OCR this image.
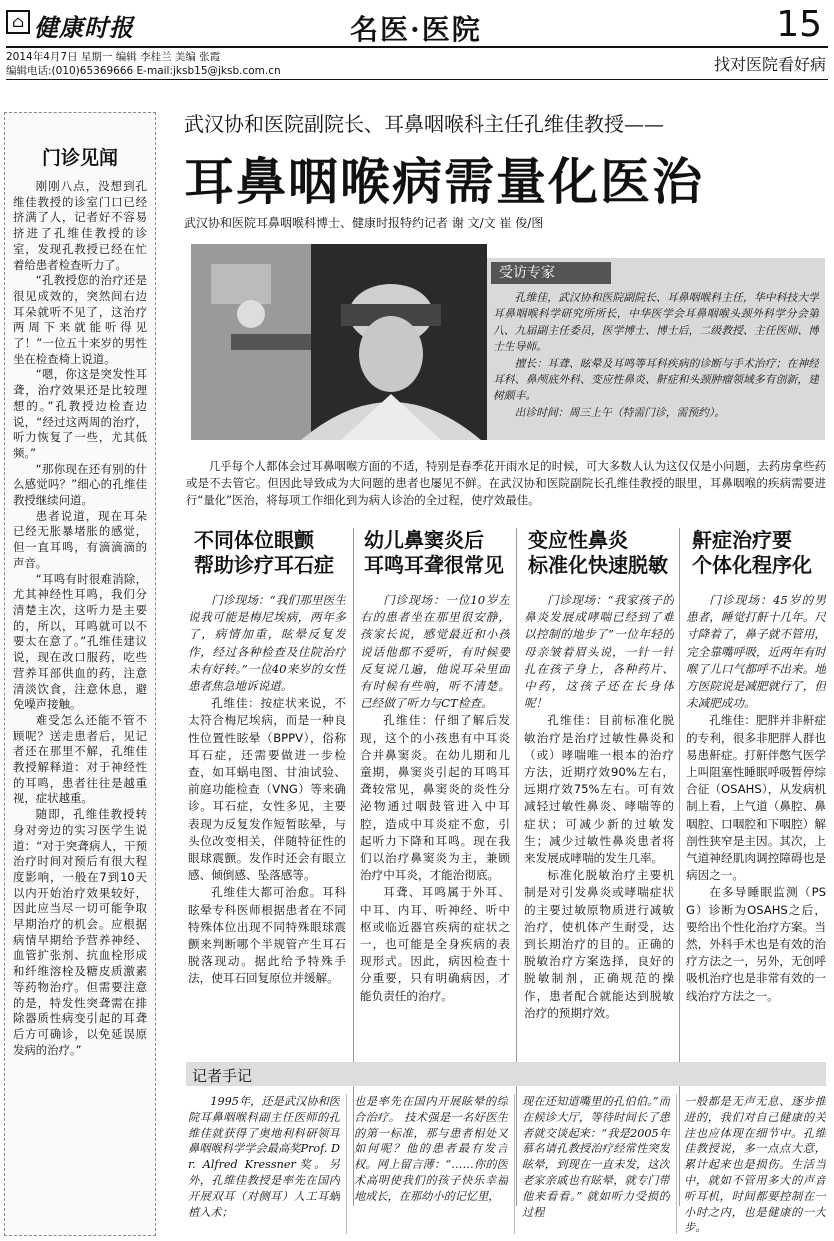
⌂ 健康时报	名医·医院	15
2014年4月7日 星期一 编辑 李桂兰 美编 张霞
编辑电话:(010)65369666 E-mail:jksb15@jksb.com.cn	找对医院看好病
门诊见闻

刚刚八点，没想到孔维佳教授的诊室门口已经挤满了人，记者好不容易挤进了孔维佳教授的诊室，发现孔教授已经在忙着给患者检查听力了。

“孔教授您的治疗还是很见成效的，突然间右边耳朵就听不见了，这治疗两周下来就能听得见了！”一位五十来岁的男性坐在检查椅上说道。

“嗯，你这是突发性耳聋，治疗效果还是比较理想的。”孔教授边检查边说，“经过这两周的治疗，听力恢复了一些，尤其低频。”

“那你现在还有别的什么感觉吗？”细心的孔维佳教授继续问道。

患者说道，现在耳朵已经无胀暴堵胀的感觉，但一直耳鸣，有滴滴滴的声音。

“耳鸣有时很难消除，尤其神经性耳鸣，我们分清楚主次，这听力是主要的，所以，耳鸣就可以不要太在意了。”孔维佳建议说，现在改口服药，吃些营养耳部供血的药，注意清淡饮食，注意休息，避免噪声接触。

难受怎么还能不管不顾呢？送走患者后，见记者还在那里不解，孔维佳教授解释道：对于神经性的耳鸣，患者往往是越重视，症状越重。

随即，孔维佳教授转身对旁边的实习医学生说道：“对于突聋病人，干预治疗时间对预后有很大程度影响，一般在7到10天以内开始治疗效果较好，因此应当尽一切可能争取早期治疗的机会。应根据病情早期给予营养神经、血管扩张剂、抗血栓形成和纤维溶栓及糖皮质激素等药物治疗。但需要注意的是，特发性突聋需在排除器质性病变引起的耳聋后方可确诊，以免延误原发病的治疗。”

武汉协和医院副院长、耳鼻咽喉科主任孔维佳教授——
耳鼻咽喉病需量化医治
武汉协和医院耳鼻咽喉科博士、健康时报特约记者 谢 文/文 崔 俊/图
受访专家

孔维佳，武汉协和医院副院长、耳鼻咽喉科主任，华中科技大学耳鼻咽喉科学研究所所长，中华医学会耳鼻咽喉头颈外科学分会第八、九届副主任委员，医学博士、博士后，二级教授、主任医师、博士生导师。

擅长：耳聋、眩晕及耳鸣等耳科疾病的诊断与手术治疗；在神经耳科、鼻颅底外科、变应性鼻炎、鼾症和头颈肿瘤领域多有创新，建树颇丰。

出诊时间：周三上午（特需门诊，需预约）。

几乎每个人都体会过耳鼻咽喉方面的不适，特别是春季花开雨水足的时候，可大多数人认为这仅仅是小问题，去药房拿些药或是不去管它。但因此导致成为大问题的患者也屡见不鲜。在武汉协和医院副院长孔维佳教授的眼里，耳鼻咽喉的疾病需要进行“量化”医治，将每项工作细化到为病人诊治的全过程，使疗效最佳。

不同体位眼颤
帮助诊疗耳石症

门诊现场：“我们那里医生说我可能是梅尼埃病，两年多了，病情加重，眩晕反复发作，经过各种检查及住院治疗未有好转。”一位40来岁的女性患者焦急地诉说道。

孔维佳：按症状来说，不太符合梅尼埃病，而是一种良性位置性眩晕（BPPV），俗称耳石症，还需要做进一步检查，如耳蜗电图、甘油试验、前庭功能检查（VNG）等来确诊。耳石症，女性多见，主要表现为反复发作短暂眩晕，与头位改变相关，伴随特征性的眼球震颤。发作时还会有眼立感、倾倒感、坠落感等。

孔维佳大都可治愈。耳科眩晕专科医师根据患者在不同特殊体位出现不同特殊眼球震颤来判断哪个半规管产生耳石脱落现动。据此给予特殊手法，使耳石回复原位并缓解。

幼儿鼻窦炎后
耳鸣耳聋很常见

门诊现场：一位10岁左右的患者坐在那里很安静，孩家长说，感觉最近和小孩说话他都不爱听，有时候要反复说几遍，他说耳朵里面有时候有些响，听不清楚。已经做了听力与CT检查。

孔维佳：仔细了解后发现，这个的小孩患有中耳炎合并鼻窦炎。在幼儿期和儿童期，鼻窦炎引起的耳鸣耳聋较常见，鼻窦炎的炎性分泌物通过咽鼓管进入中耳腔，造成中耳炎症不愈，引起听力下降和耳鸣。现在我们以治疗鼻窦炎为主，兼顾治疗中耳炎，才能治彻底。

耳聋、耳鸣属于外耳、中耳、内耳、听神经、听中枢或临近器官疾病的症状之一，也可能是全身疾病的表现形式。因此，病因检查十分重要，只有明确病因，才能负责任的治疗。

变应性鼻炎
标准化快速脱敏

门诊现场：“我家孩子的鼻炎发展成哮喘已经到了难以控制的地步了”一位年轻的母亲皱着眉头说，一针一针扎在孩子身上，各种药片、中药，这孩子还在长身体呢！

孔维佳：目前标准化脱敏治疗是治疗过敏性鼻炎和（或）哮喘唯一根本的治疗方法，近期疗效90%左右，远期疗效75%左右。可有效减轻过敏性鼻炎、哮喘等的症状；可减少新的过敏发生；减少过敏性鼻炎患者将来发展成哮喘的发生几率。

标准化脱敏治疗主要机制是对引发鼻炎或哮喘症状的主要过敏原物质进行减敏治疗，使机体产生耐受，达到长期治疗的目的。正确的脱敏治疗方案选择，良好的脱敏制剂，正确规范的操作，患者配合就能达到脱敏治疗的预期疗效。

鼾症治疗要
个体化程序化

门诊现场：45岁的男患者，睡觉打鼾十几年。尺寸降着了，鼻子就不管用，完全靠嘴呼吸，近两年有时喉了儿口气都呼不出来。地方医院说是减肥就行了，但未减肥成功。

孔维佳：肥胖并非鼾症的专利，很多非肥胖人群也易患鼾症。打鼾伴憋气医学上叫阻塞性睡眠呼吸暂停综合征（OSAHS），从发病机制上看，上气道（鼻腔、鼻咽腔、口咽腔和下咽腔）解剖性狭窄是主因。其次，上气道神经肌肉调控障碍也是病因之一。

在多导睡眠监测（PSG）诊断为OSAHS之后，要给出个性化治疗方案。当然，外科手术也是有效的治疗方法之一，另外，无创呼吸机治疗也是非常有效的一线治疗方法之一。

记者手记

1995年，还是武汉协和医院耳鼻咽喉科副主任医师的孔维佳就获得了奥地利科研领耳鼻咽喉科学学会最高奖Prof. Dr. Alfred Kressner奖。另外，孔维佳教授是率先在国内开展双耳（对侧耳）人工耳蜗植入术；

也是率先在国内开展眩晕的综合治疗。 技术强是一名好医生的第一标准，那与患者相处又如何呢？他的患者最有发言权。网上留言薄：“……你的医术高明使我们的孩子快乐幸福地成长，在那幼小的记忆里，

现在还知道嘴里的孔伯伯。”而在候诊大厅，等待时间长了患者就交谈起来：“我是2005年慕名请孔教授治疗经常性突发眩晕，到现在一直未发，这次老家亲戚也有眩晕，就专门带他来看看。” 就如听力受损的过程

一般都是无声无息、逐步推进的，我们对自己健康的关注也应体现在细节中。孔维佳教授说，多一点点大意，累计起来也是损伤。生活当中，就如不管用多大的声音听耳机，时间都要控制在一小时之内，也是健康的一大步。
